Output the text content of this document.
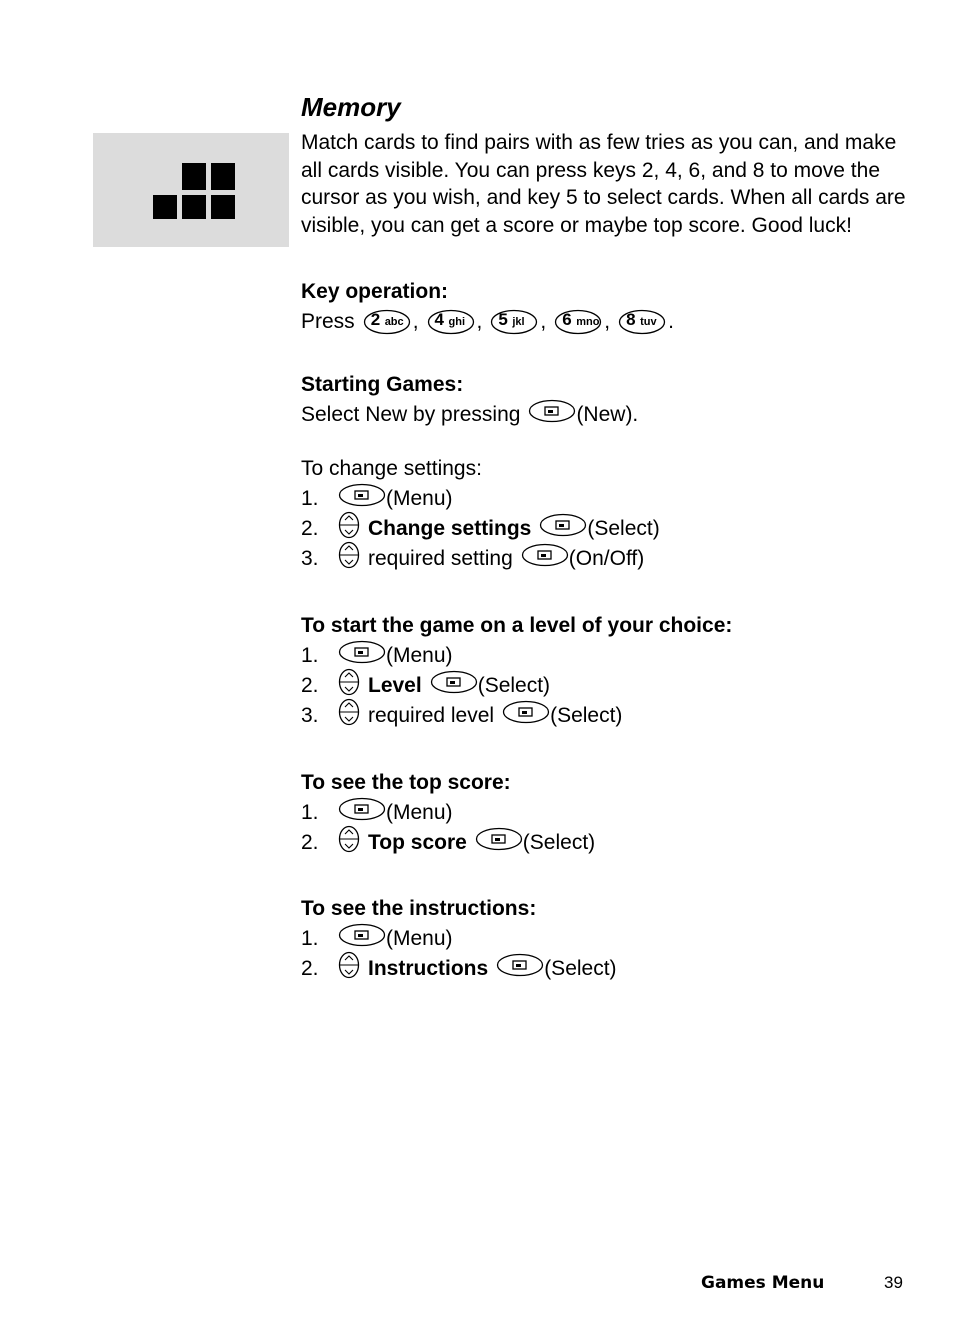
Memory

Match cards to find pairs with as few tries as you can, and make all cards visible. You can press keys 2, 4, 6, and 8 to move the cursor as you wish, and key 5 to select cards. When all cards are visible, you can get a score or maybe top score. Good luck!

Key operation:
Press 2 abc , 4 ghi , 5 jkl , 6 mno , 8 tuv .
Starting Games:
Select New by pressing	(New).
To change settings:
1.	(Menu)
2.	Change settings	(Select)
3.	required setting	(On/Off)
To start the game on a level of your choice:
1.	(Menu)
2.	Level	(Select)
3.	required level	(Select)
To see the top score:
1.	(Menu)
2.	Top score	(Select)
To see the instructions:
1.	(Menu)
2.	Instructions	(Select)
Games Menu	39
